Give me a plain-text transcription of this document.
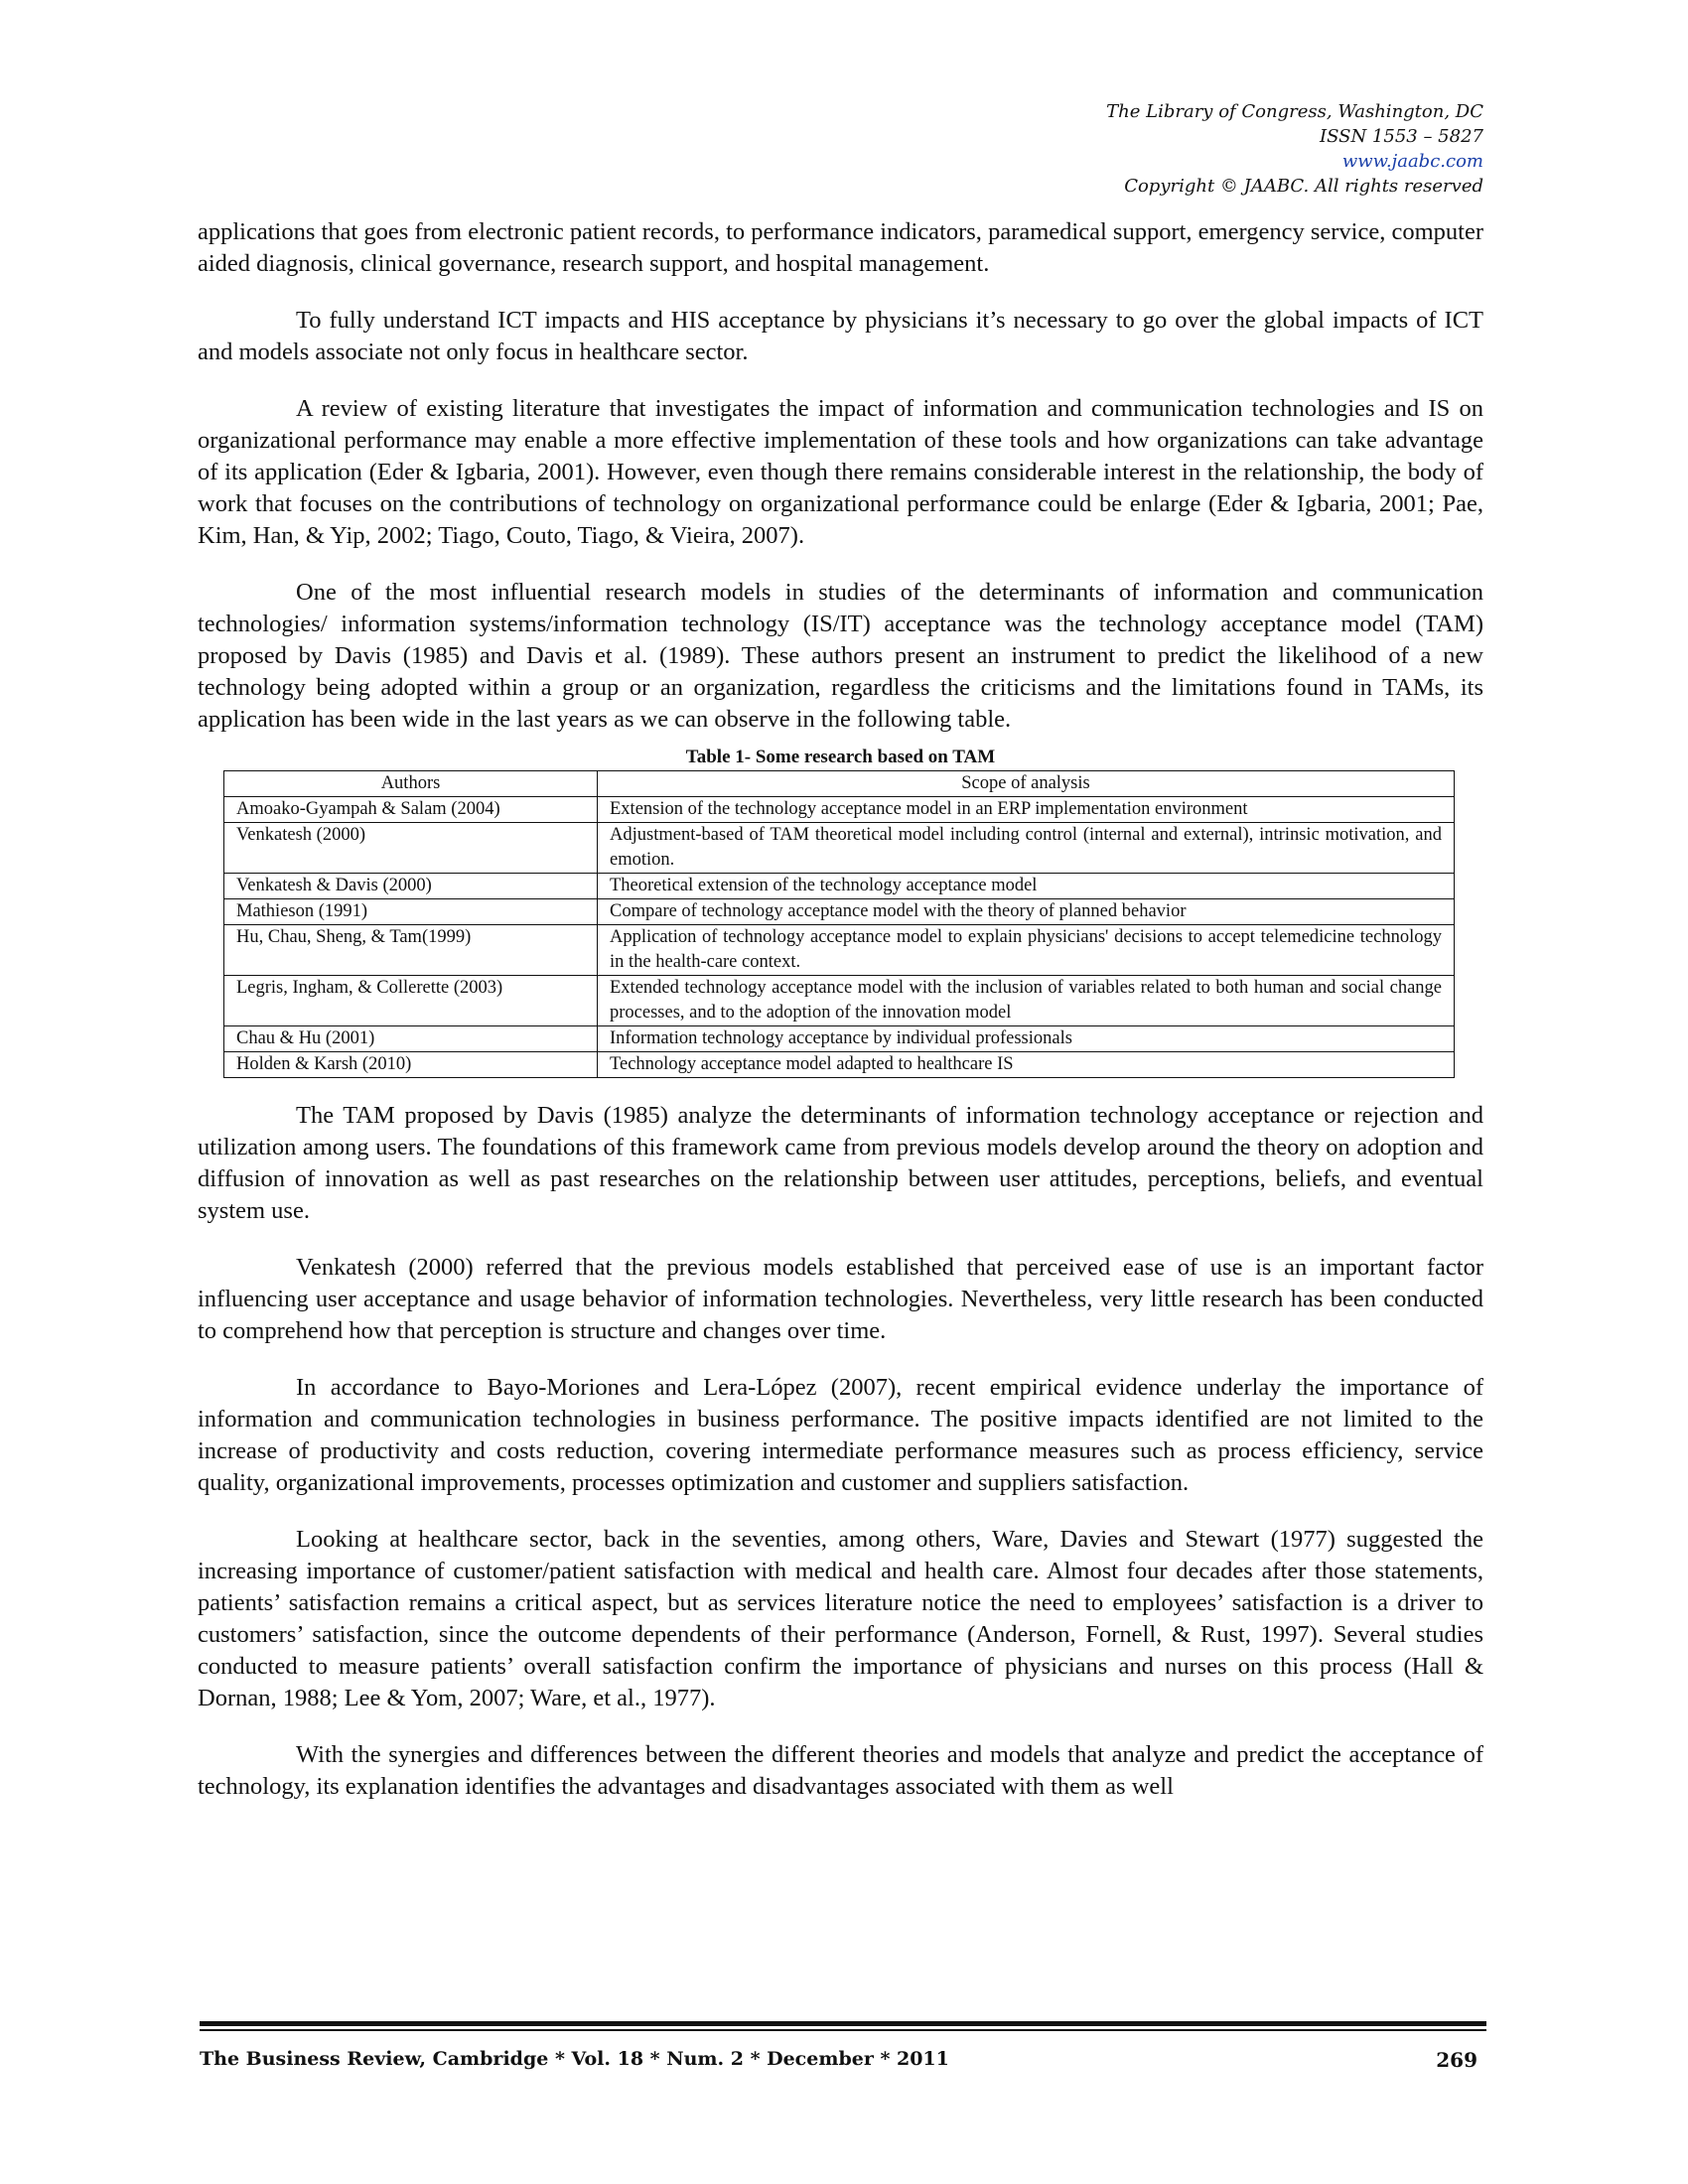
The Library of Congress, Washington, DC
ISSN 1553 – 5827
www.jaabc.com
Copyright © JAABC. All rights reserved

applications that goes from electronic patient records, to performance indicators, paramedical support, emergency service, computer aided diagnosis, clinical governance, research support, and hospital management.

To fully understand ICT impacts and HIS acceptance by physicians it’s necessary to go over the global impacts of ICT and models associate not only focus in healthcare sector.

A review of existing literature that investigates the impact of information and communication technologies and IS on organizational performance may enable a more effective implementation of these tools and how organizations can take advantage of its application (Eder & Igbaria, 2001). However, even though there remains considerable interest in the relationship, the body of work that focuses on the contributions of technology on organizational performance could be enlarge (Eder & Igbaria, 2001; Pae, Kim, Han, & Yip, 2002; Tiago, Couto, Tiago, & Vieira, 2007).

One of the most influential research models in studies of the determinants of information and communication technologies/ information systems/information technology (IS/IT) acceptance was the technology acceptance model (TAM) proposed by Davis (1985) and Davis et al. (1989). These authors present an instrument to predict the likelihood of a new technology being adopted within a group or an organization, regardless the criticisms and the limitations found in TAMs, its application has been wide in the last years as we can observe in the following table.

Table 1- Some research based on TAM
Authors	Scope of analysis
Amoako-Gyampah & Salam (2004)	Extension of the technology acceptance model in an ERP implementation environment
Venkatesh (2000)	Adjustment-based of TAM theoretical model including control (internal and external), intrinsic motivation, and emotion.
Venkatesh & Davis (2000)	Theoretical extension of the technology acceptance model
Mathieson (1991)	Compare of technology acceptance model with the theory of planned behavior
Hu, Chau, Sheng, & Tam(1999)	Application of technology acceptance model to explain physicians' decisions to accept telemedicine technology in the health-care context.
Legris, Ingham, & Collerette (2003)	Extended technology acceptance model with the inclusion of variables related to both human and social change processes, and to the adoption of the innovation model
Chau & Hu (2001)	Information technology acceptance by individual professionals
Holden & Karsh (2010)	Technology acceptance model adapted to healthcare IS

The TAM proposed by Davis (1985) analyze the determinants of information technology acceptance or rejection and utilization among users. The foundations of this framework came from previous models develop around the theory on adoption and diffusion of innovation as well as past researches on the relationship between user attitudes, perceptions, beliefs, and eventual system use.

Venkatesh (2000) referred that the previous models established that perceived ease of use is an important factor influencing user acceptance and usage behavior of information technologies. Nevertheless, very little research has been conducted to comprehend how that perception is structure and changes over time.

In accordance to Bayo-Moriones and Lera-López (2007), recent empirical evidence underlay the importance of information and communication technologies in business performance. The positive impacts identified are not limited to the increase of productivity and costs reduction, covering intermediate performance measures such as process efficiency, service quality, organizational improvements, processes optimization and customer and suppliers satisfaction.

Looking at healthcare sector, back in the seventies, among others, Ware, Davies and Stewart (1977) suggested the increasing importance of customer/patient satisfaction with medical and health care. Almost four decades after those statements, patients’ satisfaction remains a critical aspect, but as services literature notice the need to employees’ satisfaction is a driver to customers’ satisfaction, since the outcome dependents of their performance (Anderson, Fornell, & Rust, 1997). Several studies conducted to measure patients’ overall satisfaction confirm the importance of physicians and nurses on this process (Hall & Dornan, 1988; Lee & Yom, 2007; Ware, et al., 1977).

With the synergies and differences between the different theories and models that analyze and predict the acceptance of technology, its explanation identifies the advantages and disadvantages associated with them as well

The Business Review, Cambridge * Vol. 18 * Num. 2 * December * 2011	269
